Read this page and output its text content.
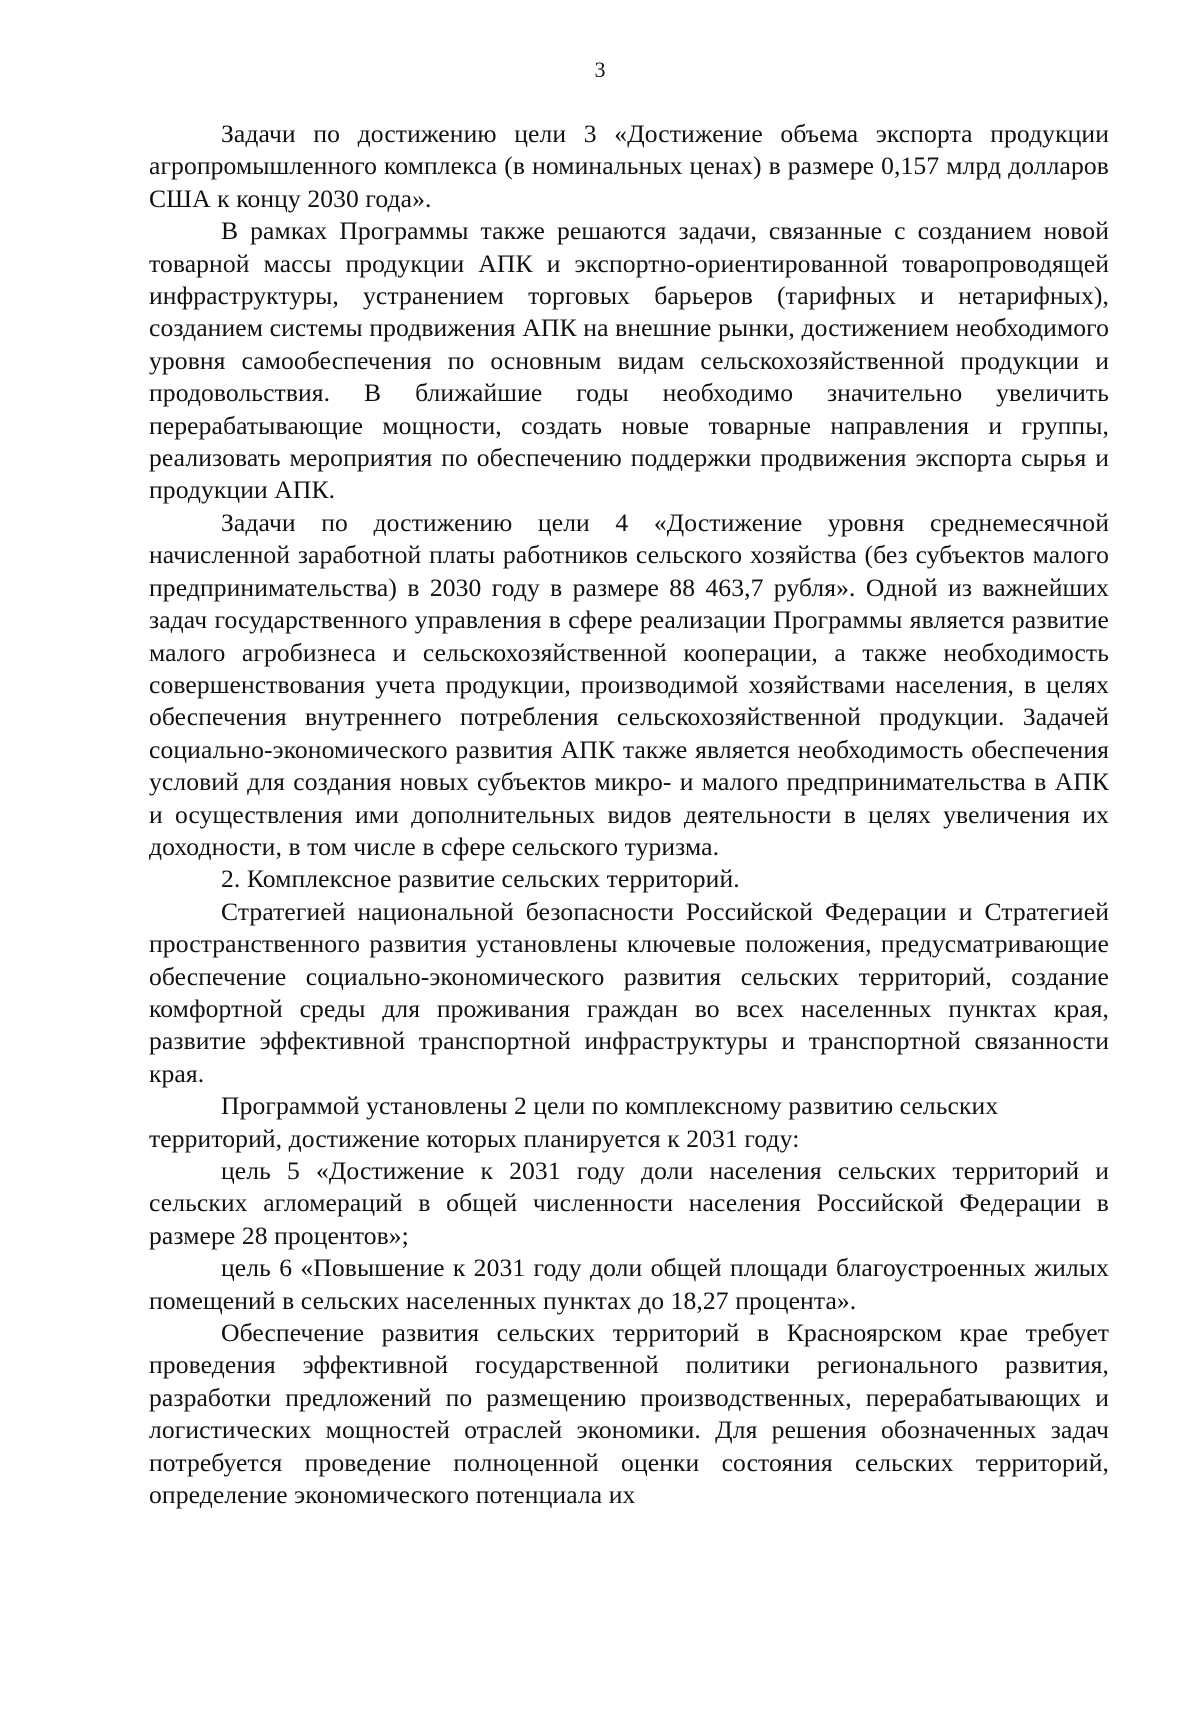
3

Задачи по достижению цели 3 «Достижение объема экспорта продукции агропромышленного комплекса (в номинальных ценах) в размере 0,157 млрд долларов США к концу 2030 года».

В рамках Программы также решаются задачи, связанные с созданием новой товарной массы продукции АПК и экспортно-ориентированной товаропроводящей инфраструктуры, устранением торговых барьеров (тарифных и нетарифных), созданием системы продвижения АПК на внешние рынки, достижением необходимого уровня самообеспечения по основным видам сельскохозяйственной продукции и продовольствия. В ближайшие годы необходимо значительно увеличить перерабатывающие мощности, создать новые товарные направления и группы, реализовать мероприятия по обеспечению поддержки продвижения экспорта сырья и продукции АПК.

Задачи по достижению цели 4 «Достижение уровня среднемесячной начисленной заработной платы работников сельского хозяйства (без субъектов малого предпринимательства) в 2030 году в размере 88 463,7 рубля». Одной из важнейших задач государственного управления в сфере реализации Программы является развитие малого агробизнеса и сельскохозяйственной кооперации, а также необходимость совершенствования учета продукции, производимой хозяйствами населения, в целях обеспечения внутреннего потребления сельскохозяйственной продукции. Задачей социально-экономического развития АПК также является необходимость обеспечения условий для создания новых субъектов микро- и малого предпринимательства в АПК и осуществления ими дополнительных видов деятельности в целях увеличения их доходности, в том числе в сфере сельского туризма.

2. Комплексное развитие сельских территорий.

Стратегией национальной безопасности Российской Федерации и Стратегией пространственного развития установлены ключевые положения, предусматривающие обеспечение социально-экономического развития сельских территорий, создание комфортной среды для проживания граждан во всех населенных пунктах края, развитие эффективной транспортной инфраструктуры и транспортной связанности края.

Программой установлены 2 цели по комплексному развитию сельских территорий, достижение которых планируется к 2031 году:

цель 5 «Достижение к 2031 году доли населения сельских территорий и сельских агломераций в общей численности населения Российской Федерации в размере 28 процентов»;

цель 6 «Повышение к 2031 году доли общей площади благоустроенных жилых помещений в сельских населенных пунктах до 18,27 процента».

Обеспечение развития сельских территорий в Красноярском крае требует проведения эффективной государственной политики регионального развития, разработки предложений по размещению производственных, перерабатывающих и логистических мощностей отраслей экономики. Для решения обозначенных задач потребуется проведение полноценной оценки состояния сельских территорий, определение экономического потенциала их
